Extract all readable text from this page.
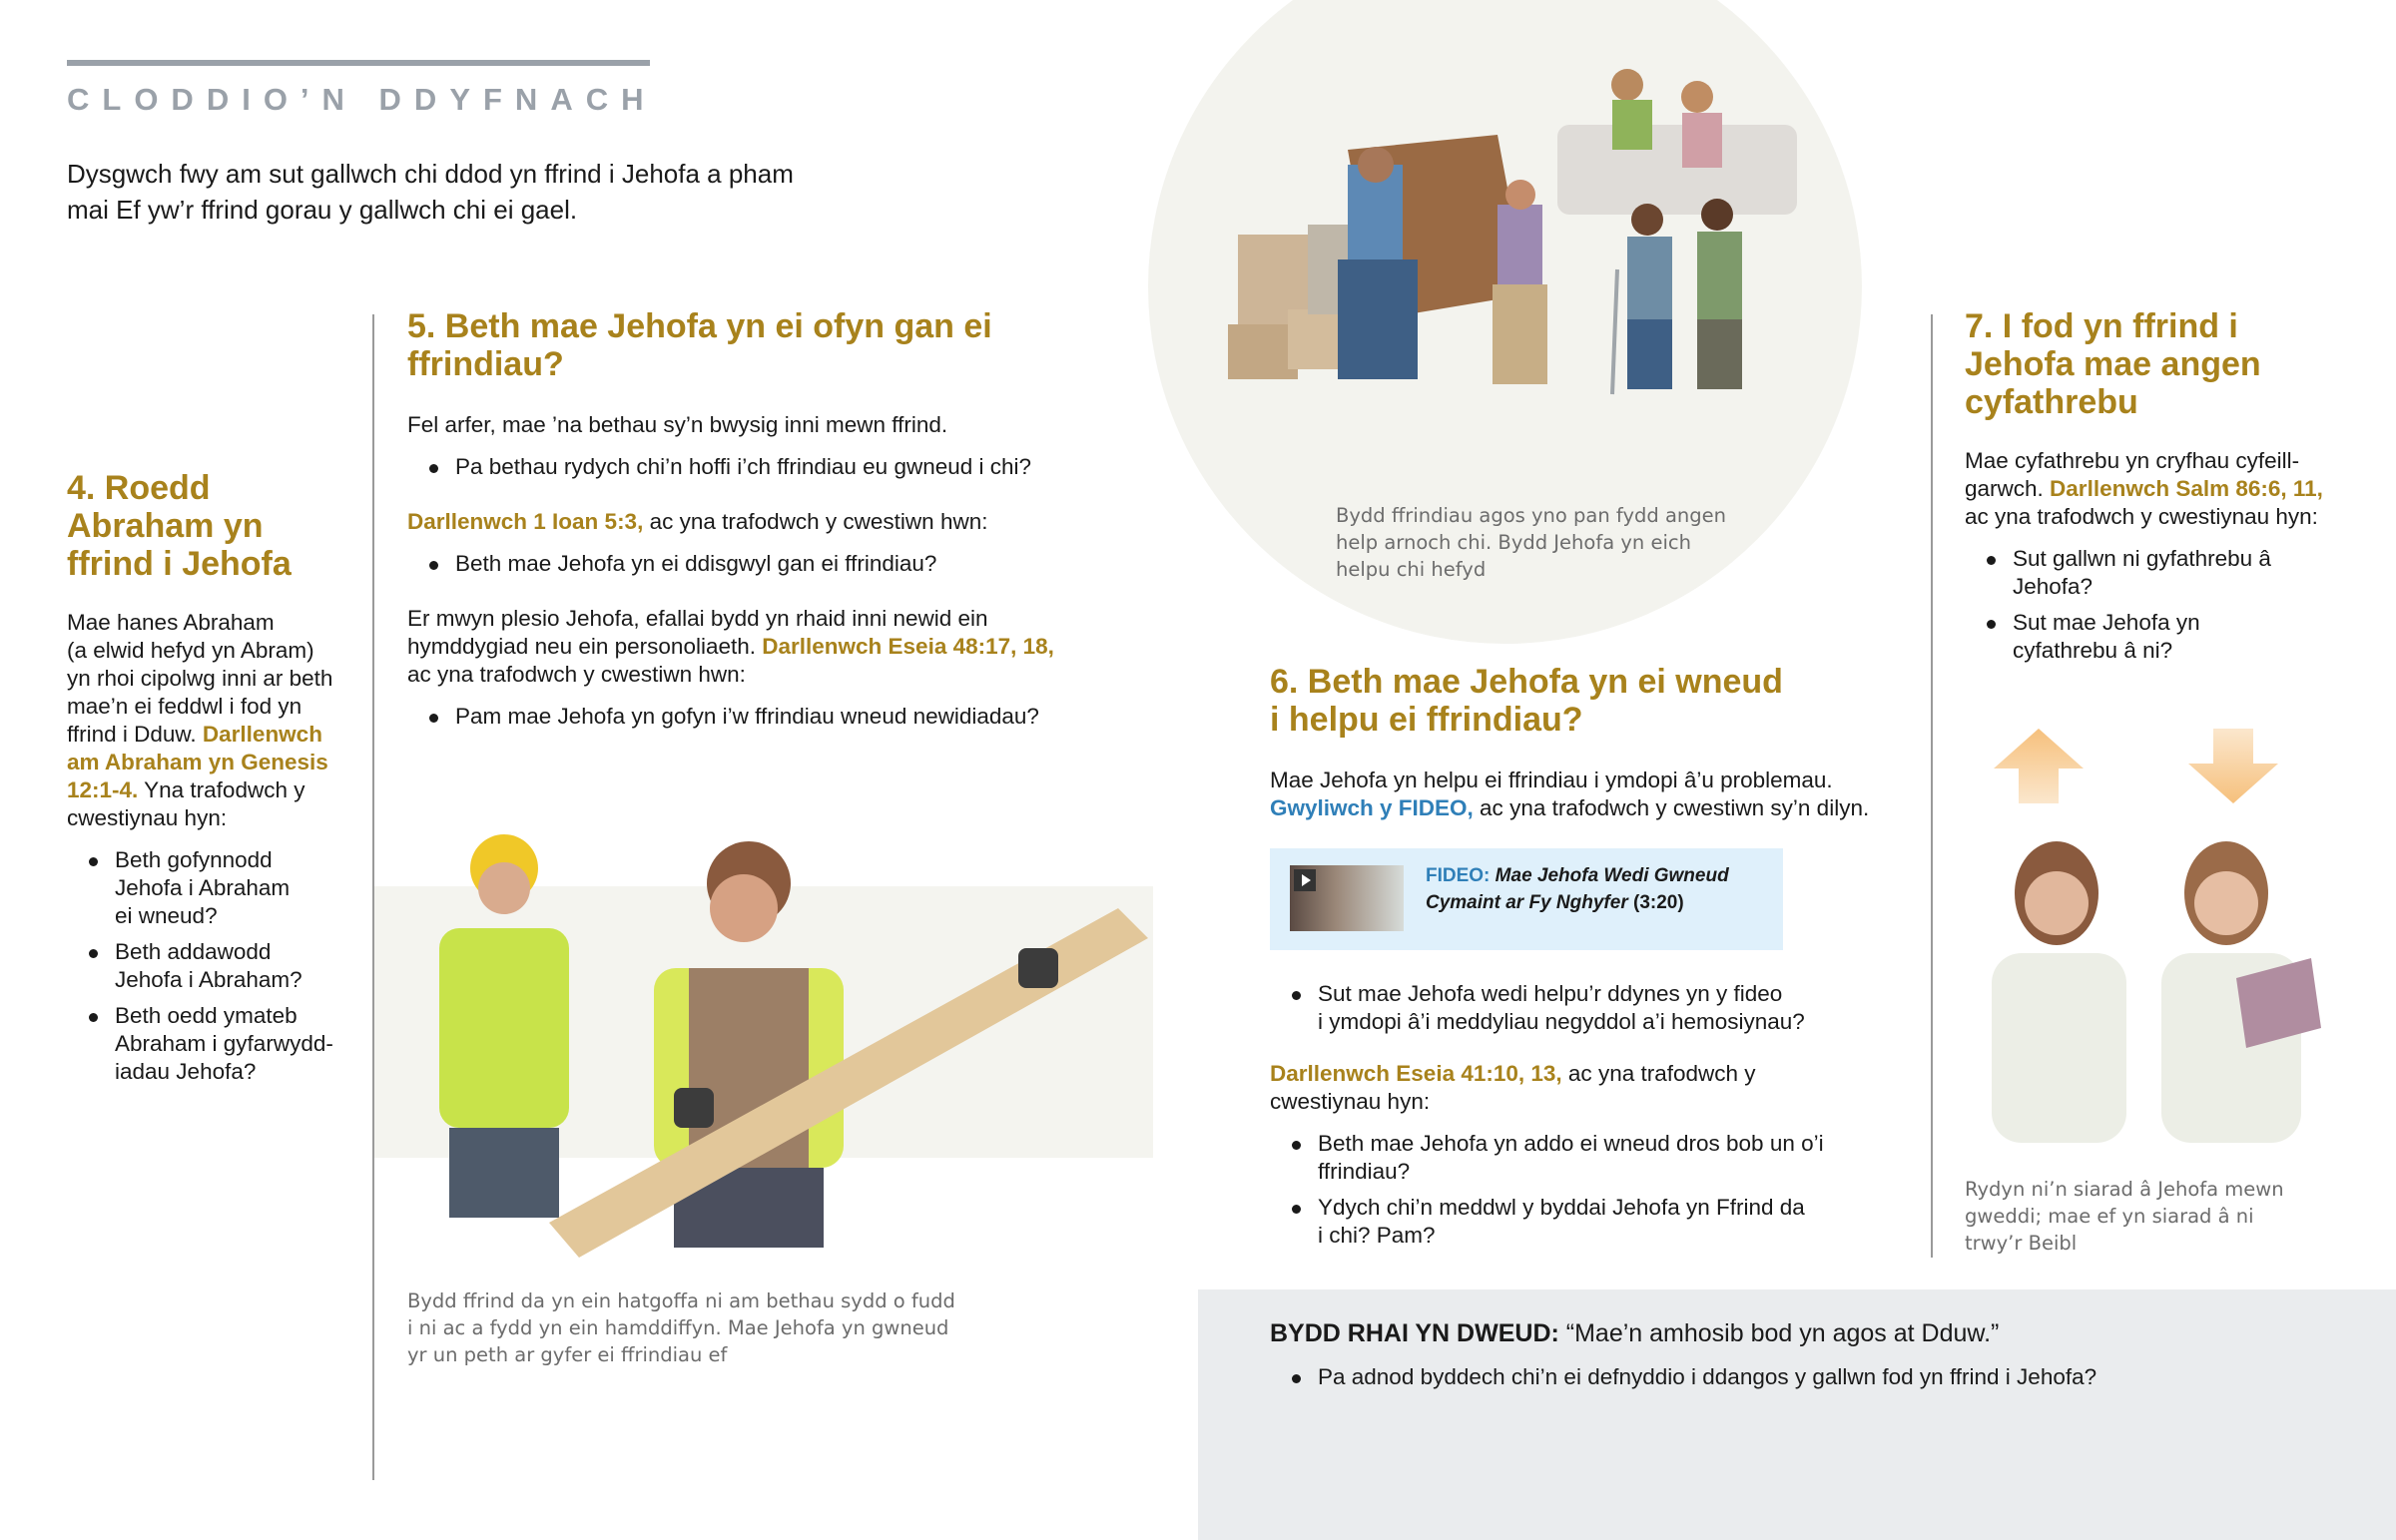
CLODDIO’N DDYFNACH

Dysgwch fwy am sut gallwch chi ddod yn ffrind i Jehofa a pham

mai Ef yw’r ffrind gorau y gallwch chi ei gael.

Bydd ffrindiau agos yno pan fydd angen

help arnoch chi. Bydd Jehofa yn eich

helpu chi hefyd

4. Roedd

Abraham yn

ffrind i Jehofa

Mae hanes Abraham

(a elwid hefyd yn Abram)

yn rhoi cipolwg inni ar beth

mae’n ei feddwl i fod yn

ffrind i Dduw. Darllenwch

am Abraham yn Genesis

12:1-4. Yna trafodwch y

cwestiynau hyn:

Beth gofynnodd
Jehofa i Abraham
ei wneud?
Beth addawodd
Jehofa i Abraham?
Beth oedd ymateb
Abraham i gyfarwydd-
iadau Jehofa?

5. Beth mae Jehofa yn ei ofyn gan ei

ffrindiau?

Fel arfer, mae ’na bethau sy’n bwysig inni mewn ffrind.

Pa bethau rydych chi’n hoffi i’ch ffrindiau eu gwneud i chi?

Darllenwch 1 Ioan 5:3, ac yna trafodwch y cwestiwn hwn:

Beth mae Jehofa yn ei ddisgwyl gan ei ffrindiau?

Er mwyn plesio Jehofa, efallai bydd yn rhaid inni newid ein

hymddygiad neu ein personoliaeth. Darllenwch Eseia 48:17, 18,

ac yna trafodwch y cwestiwn hwn:

Pam mae Jehofa yn gofyn i’w ffrindiau wneud newidiadau?

Bydd ffrind da yn ein hatgoffa ni am bethau sydd o fudd

i ni ac a fydd yn ein hamddiffyn. Mae Jehofa yn gwneud

yr un peth ar gyfer ei ffrindiau ef

6. Beth mae Jehofa yn ei wneud

i helpu ei ffrindiau?

Mae Jehofa yn helpu ei ffrindiau i ymdopi â’u problemau.

Gwyliwch y FIDEO, ac yna trafodwch y cwestiwn sy’n dilyn.

FIDEO: Mae Jehofa Wedi Gwneud
Cymaint ar Fy Nghyfer (3:20)
Sut mae Jehofa wedi helpu’r ddynes yn y fideo
i ymdopi â’i meddyliau negyddol a’i hemosiynau?

Darllenwch Eseia 41:10, 13, ac yna trafodwch y

cwestiynau hyn:

Beth mae Jehofa yn addo ei wneud dros bob un o’i
ffrindiau?
Ydych chi’n meddwl y byddai Jehofa yn Ffrind da
i chi? Pam?

7. I fod yn ffrind i

Jehofa mae angen

cyfathrebu

Mae cyfathrebu yn cryfhau cyfeill-

garwch. Darllenwch Salm 86:6, 11,

ac yna trafodwch y cwestiynau hyn:

Sut gallwn ni gyfathrebu â
Jehofa?
Sut mae Jehofa yn
cyfathrebu â ni?

Rydyn ni’n siarad â Jehofa mewn

gweddi; mae ef yn siarad â ni

trwy’r Beibl

BYDD RHAI YN DWEUD: “Mae’n amhosib bod yn agos at Dduw.”

Pa adnod byddech chi’n ei defnyddio i ddangos y gallwn fod yn ffrind i Jehofa?
